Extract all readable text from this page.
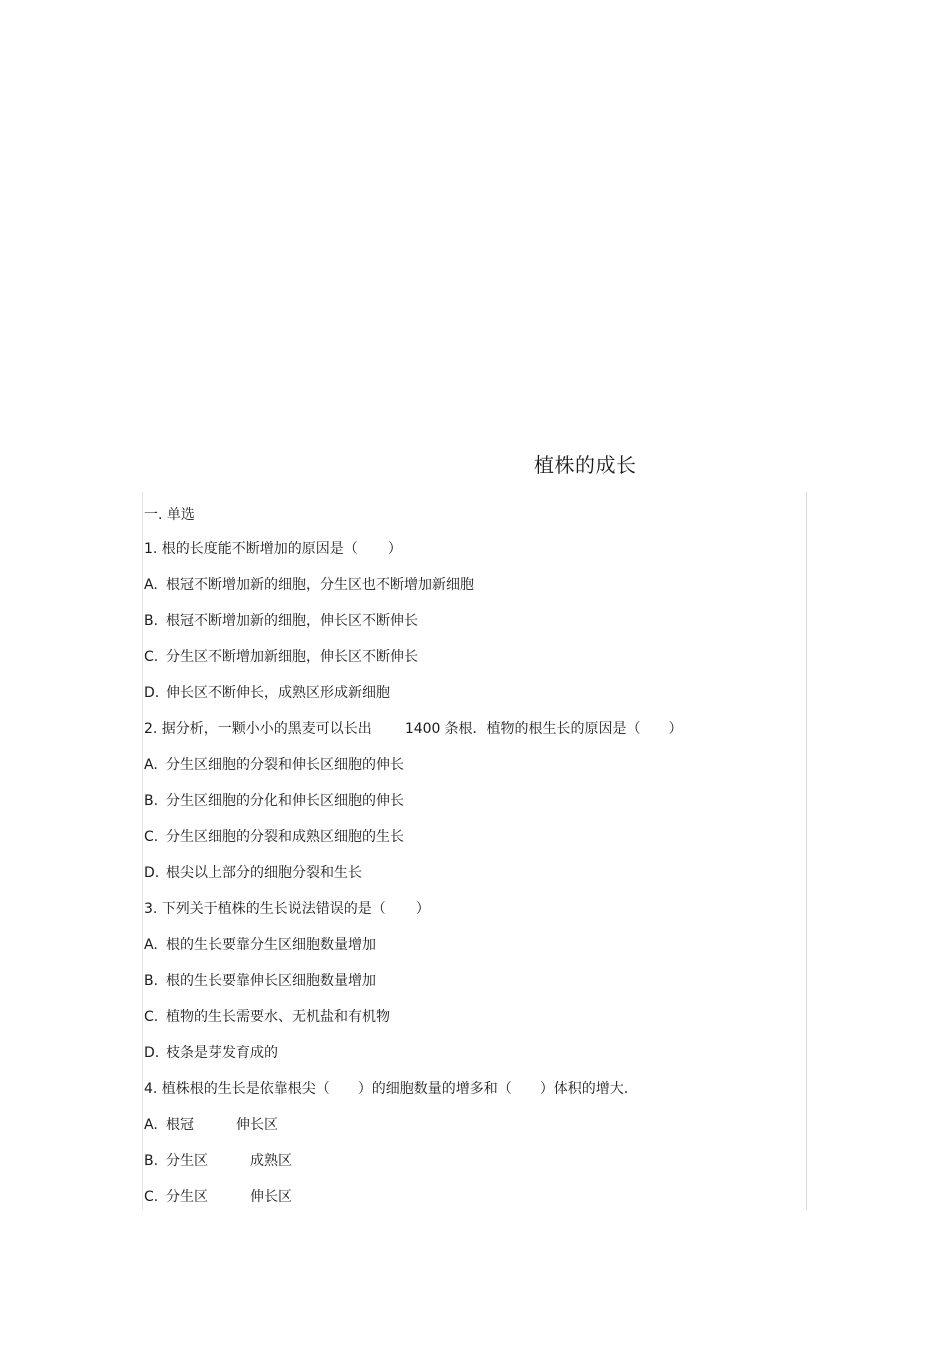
植株的成长
一. 单选
1. 根的长度能不断增加的原因是（ ）
A. 根冠不断增加新的细胞，分生区也不断增加新细胞
B. 根冠不断增加新的细胞，伸长区不断伸长
C. 分生区不断增加新细胞，伸长区不断伸长
D. 伸长区不断伸长，成熟区形成新细胞
2. 据分析，一颗小小的黑麦可以长出 1400 条根．植物的根生长的原因是（ ）
A. 分生区细胞的分裂和伸长区细胞的伸长
B. 分生区细胞的分化和伸长区细胞的伸长
C. 分生区细胞的分裂和成熟区细胞的生长
D. 根尖以上部分的细胞分裂和生长
3. 下列关于植株的生长说法错误的是（ ）
A. 根的生长要靠分生区细胞数量增加
B. 根的生长要靠伸长区细胞数量增加
C. 植物的生长需要水、无机盐和有机物
D. 枝条是芽发育成的
4. 植株根的生长是依靠根尖（ ）的细胞数量的增多和（ ）体积的增大.
A. 根冠	伸长区
B. 分生区	成熟区
C. 分生区	伸长区
